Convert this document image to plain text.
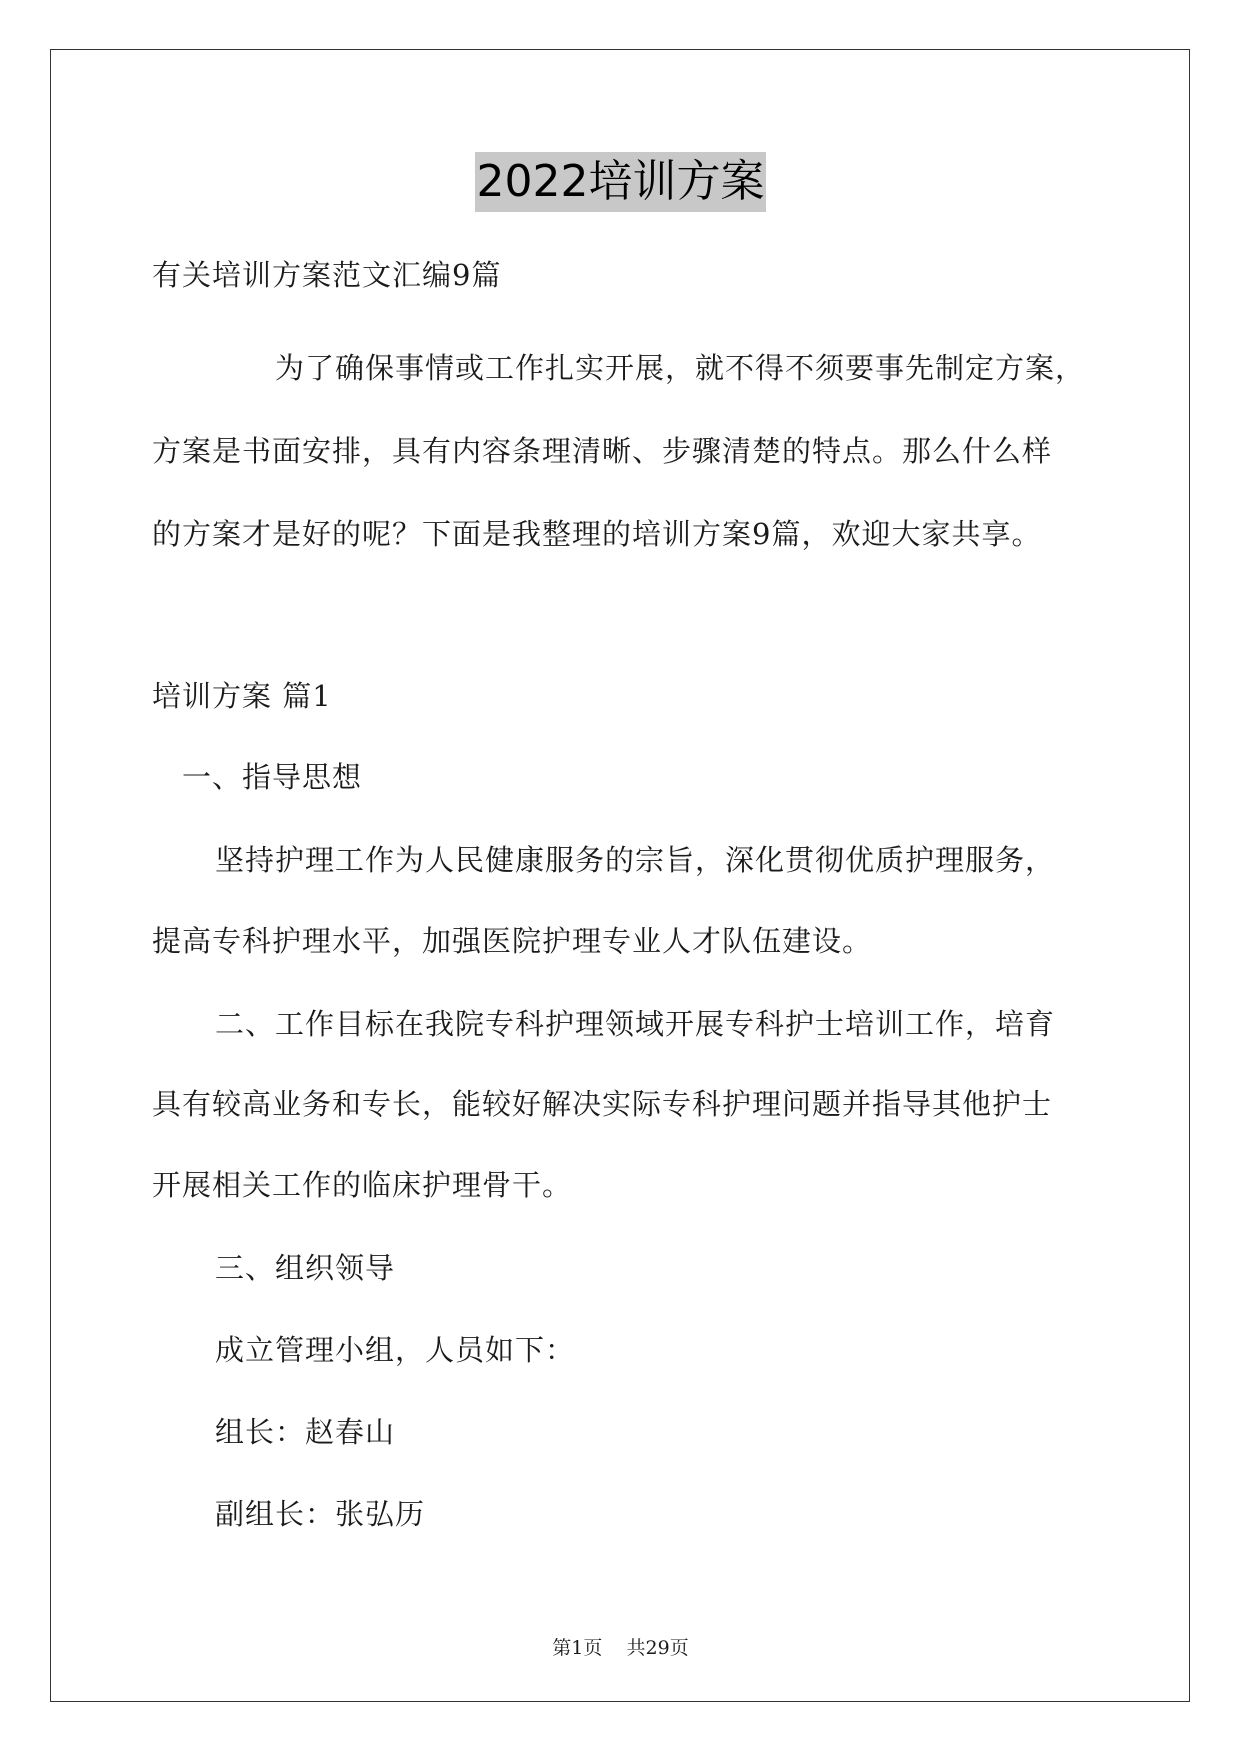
2022培训方案
有关培训方案范文汇编9篇
为了确保事情或工作扎实开展，就不得不须要事先制定方案，
方案是书面安排，具有内容条理清晰、步骤清楚的特点。那么什么样
的方案才是好的呢？下面是我整理的培训方案9篇，欢迎大家共享。
培训方案 篇1
一、指导思想
坚持护理工作为人民健康服务的宗旨，深化贯彻优质护理服务，
提高专科护理水平，加强医院护理专业人才队伍建设。
二、工作目标在我院专科护理领域开展专科护士培训工作，培育
具有较高业务和专长，能较好解决实际专科护理问题并指导其他护士
开展相关工作的临床护理骨干。
三、组织领导
成立管理小组，人员如下：
组长：赵春山
副组长：张弘历
第1页 共29页
